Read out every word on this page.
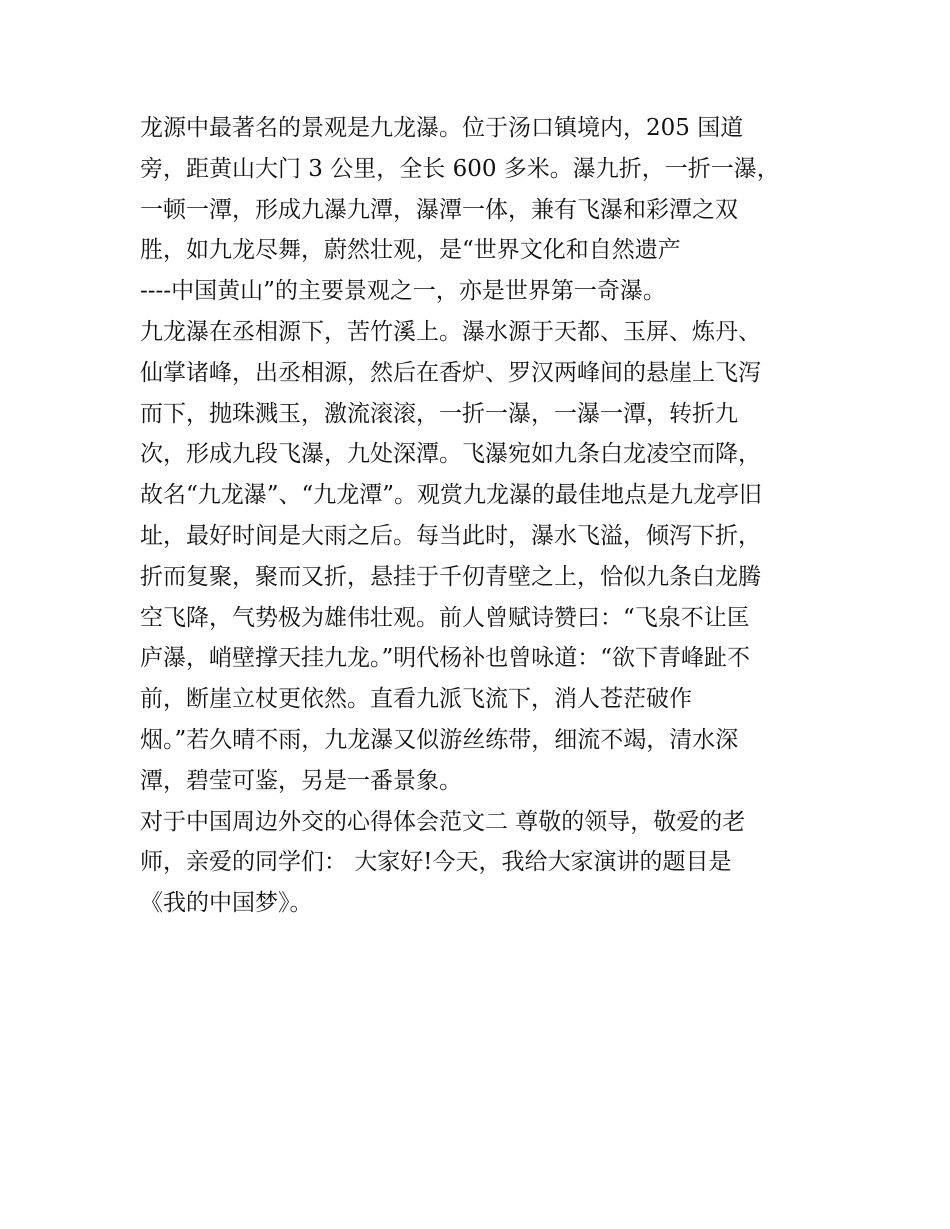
龙源中最著名的景观是九龙瀑。位于汤口镇境内，205 国道

旁，距黄山大门 3 公里，全长 600 多米。瀑九折，一折一瀑，

一顿一潭，形成九瀑九潭，瀑潭一体，兼有飞瀑和彩潭之双

胜，如九龙尽舞，蔚然壮观，是“世界文化和自然遗产

----中国黄山”的主要景观之一，亦是世界第一奇瀑。

九龙瀑在丞相源下，苦竹溪上。瀑水源于天都、玉屏、炼丹、

仙掌诸峰，出丞相源，然后在香炉、罗汉两峰间的悬崖上飞泻

而下，抛珠溅玉，激流滚滚，一折一瀑，一瀑一潭，转折九

次，形成九段飞瀑，九处深潭。飞瀑宛如九条白龙凌空而降，

故名“九龙瀑”、“九龙潭”。观赏九龙瀑的最佳地点是九龙亭旧

址，最好时间是大雨之后。每当此时，瀑水飞溢，倾泻下折，

折而复聚，聚而又折，悬挂于千仞青壁之上，恰似九条白龙腾

空飞降，气势极为雄伟壮观。前人曾赋诗赞曰：“飞泉不让匡

庐瀑，峭壁撑天挂九龙。”明代杨补也曾咏道：“欲下青峰趾不

前，断崖立杖更依然。直看九派飞流下，消人苍茫破作

烟。”若久晴不雨，九龙瀑又似游丝练带，细流不竭，清水深

潭，碧莹可鉴，另是一番景象。

对于中国周边外交的心得体会范文二 尊敬的领导，敬爱的老

师，亲爱的同学们： 大家好!今天，我给大家演讲的题目是

《我的中国梦》。
